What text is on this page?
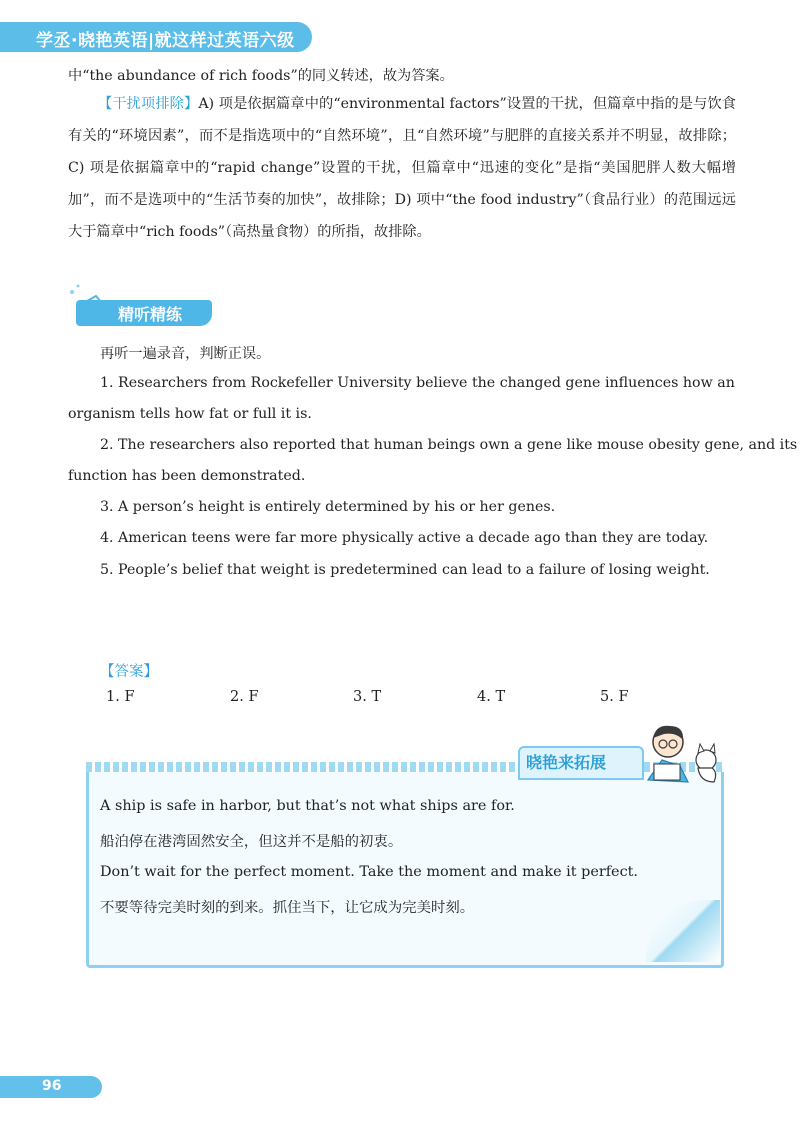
学丞·晓艳英语|就这样过英语六级

中“the abundance of rich foods”的同义转述，故为答案。

【干扰项排除】A) 项是依据篇章中的“environmental factors”设置的干扰，但篇章中指的是与饮食有关的“环境因素”，而不是指选项中的“自然环境”，且“自然环境”与肥胖的直接关系并不明显，故排除；C) 项是依据篇章中的“rapid change”设置的干扰，但篇章中“迅速的变化”是指“美国肥胖人数大幅增加”，而不是选项中的“生活节奏的加快”，故排除；D) 项中“the food industry”（食品行业）的范围远远大于篇章中“rich foods”（高热量食物）的所指，故排除。

精听精练

再听一遍录音，判断正误。

1. Researchers from Rockefeller University believe the changed gene influences how an

organism tells how fat or full it is.

2. The researchers also reported that human beings own a gene like mouse obesity gene, and its

function has been demonstrated.

3. A person’s height is entirely determined by his or her genes.

4. American teens were far more physically active a decade ago than they are today.

5. People’s belief that weight is predetermined can lead to a failure of losing weight.

【答案】
1. F	2. F	3. T	4. T	5. F
晓艳来拓展

A ship is safe in harbor, but that’s not what ships are for.

船泊停在港湾固然安全，但这并不是船的初衷。

Don’t wait for the perfect moment. Take the moment and make it perfect.

不要等待完美时刻的到来。抓住当下，让它成为完美时刻。

96
